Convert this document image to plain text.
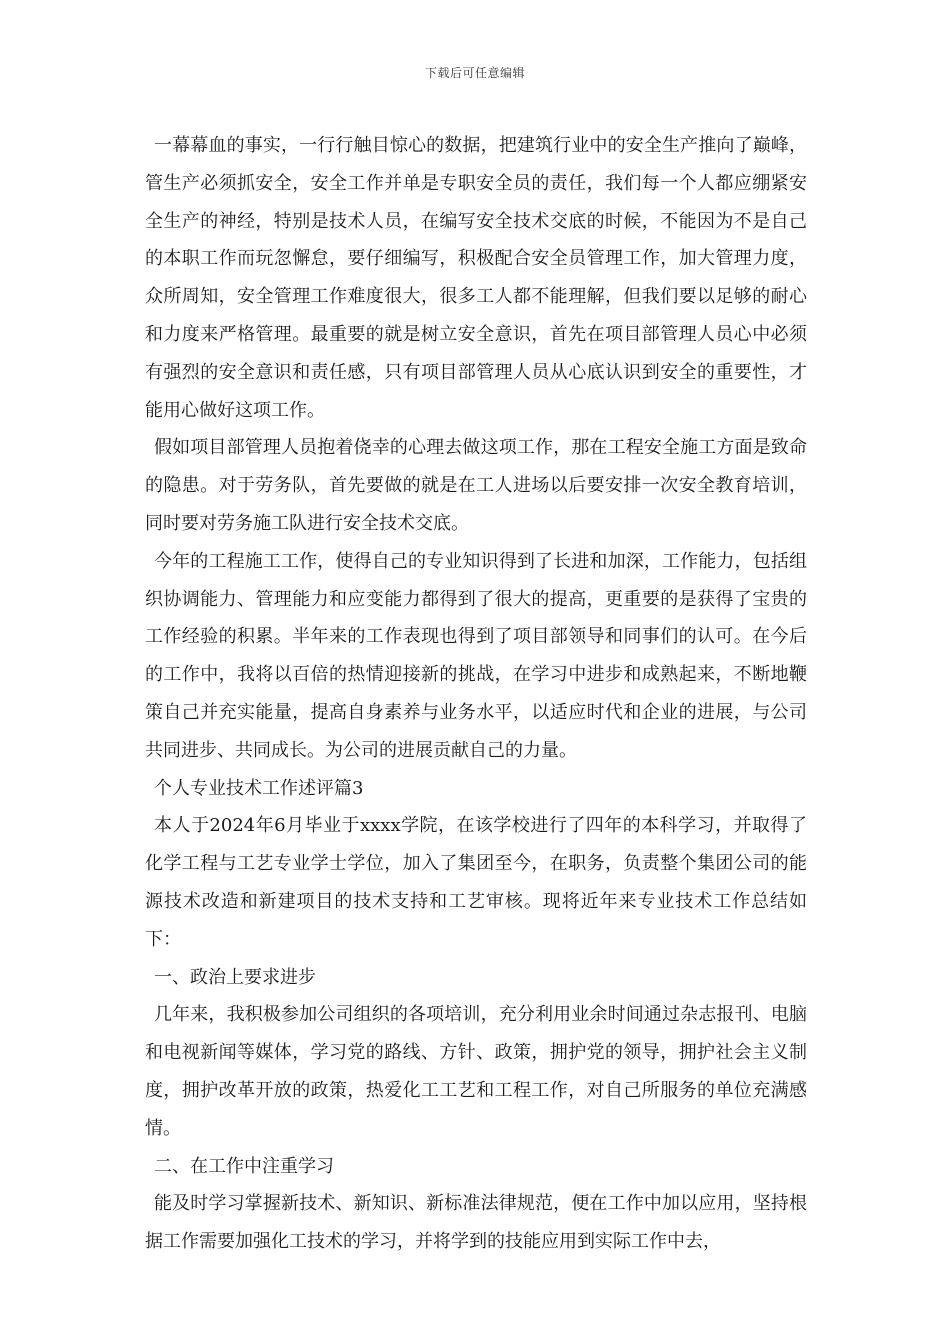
下载后可任意编辑

一幕幕血的事实，一行行触目惊心的数据，把建筑行业中的安全生产推向了巅峰，管生产必须抓安全，安全工作并单是专职安全员的责任，我们每一个人都应绷紧安全生产的神经，特别是技术人员，在编写安全技术交底的时候，不能因为不是自己的本职工作而玩忽懈怠，要仔细编写，积极配合安全员管理工作，加大管理力度，众所周知，安全管理工作难度很大，很多工人都不能理解，但我们要以足够的耐心和力度来严格管理。最重要的就是树立安全意识，首先在项目部管理人员心中必须有强烈的安全意识和责任感，只有项目部管理人员从心底认识到安全的重要性，才能用心做好这项工作。

假如项目部管理人员抱着侥幸的心理去做这项工作，那在工程安全施工方面是致命的隐患。对于劳务队，首先要做的就是在工人进场以后要安排一次安全教育培训，同时要对劳务施工队进行安全技术交底。

今年的工程施工工作，使得自己的专业知识得到了长进和加深，工作能力，包括组织协调能力、管理能力和应变能力都得到了很大的提高，更重要的是获得了宝贵的工作经验的积累。半年来的工作表现也得到了项目部领导和同事们的认可。在今后的工作中，我将以百倍的热情迎接新的挑战，在学习中进步和成熟起来，不断地鞭策自己并充实能量，提高自身素养与业务水平，以适应时代和企业的进展，与公司共同进步、共同成长。为公司的进展贡献自己的力量。

个人专业技术工作述评篇3

本人于2024年6月毕业于xxxx学院，在该学校进行了四年的本科学习，并取得了化学工程与工艺专业学士学位，加入了集团至今，在职务，负责整个集团公司的能源技术改造和新建项目的技术支持和工艺审核。现将近年来专业技术工作总结如下：

一、政治上要求进步

几年来，我积极参加公司组织的各项培训，充分利用业余时间通过杂志报刊、电脑和电视新闻等媒体，学习党的路线、方针、政策，拥护党的领导，拥护社会主义制度，拥护改革开放的政策，热爱化工工艺和工程工作，对自己所服务的单位充满感情。

二、在工作中注重学习

能及时学习掌握新技术、新知识、新标准法律规范，便在工作中加以应用，坚持根据工作需要加强化工技术的学习，并将学到的技能应用到实际工作中去，
